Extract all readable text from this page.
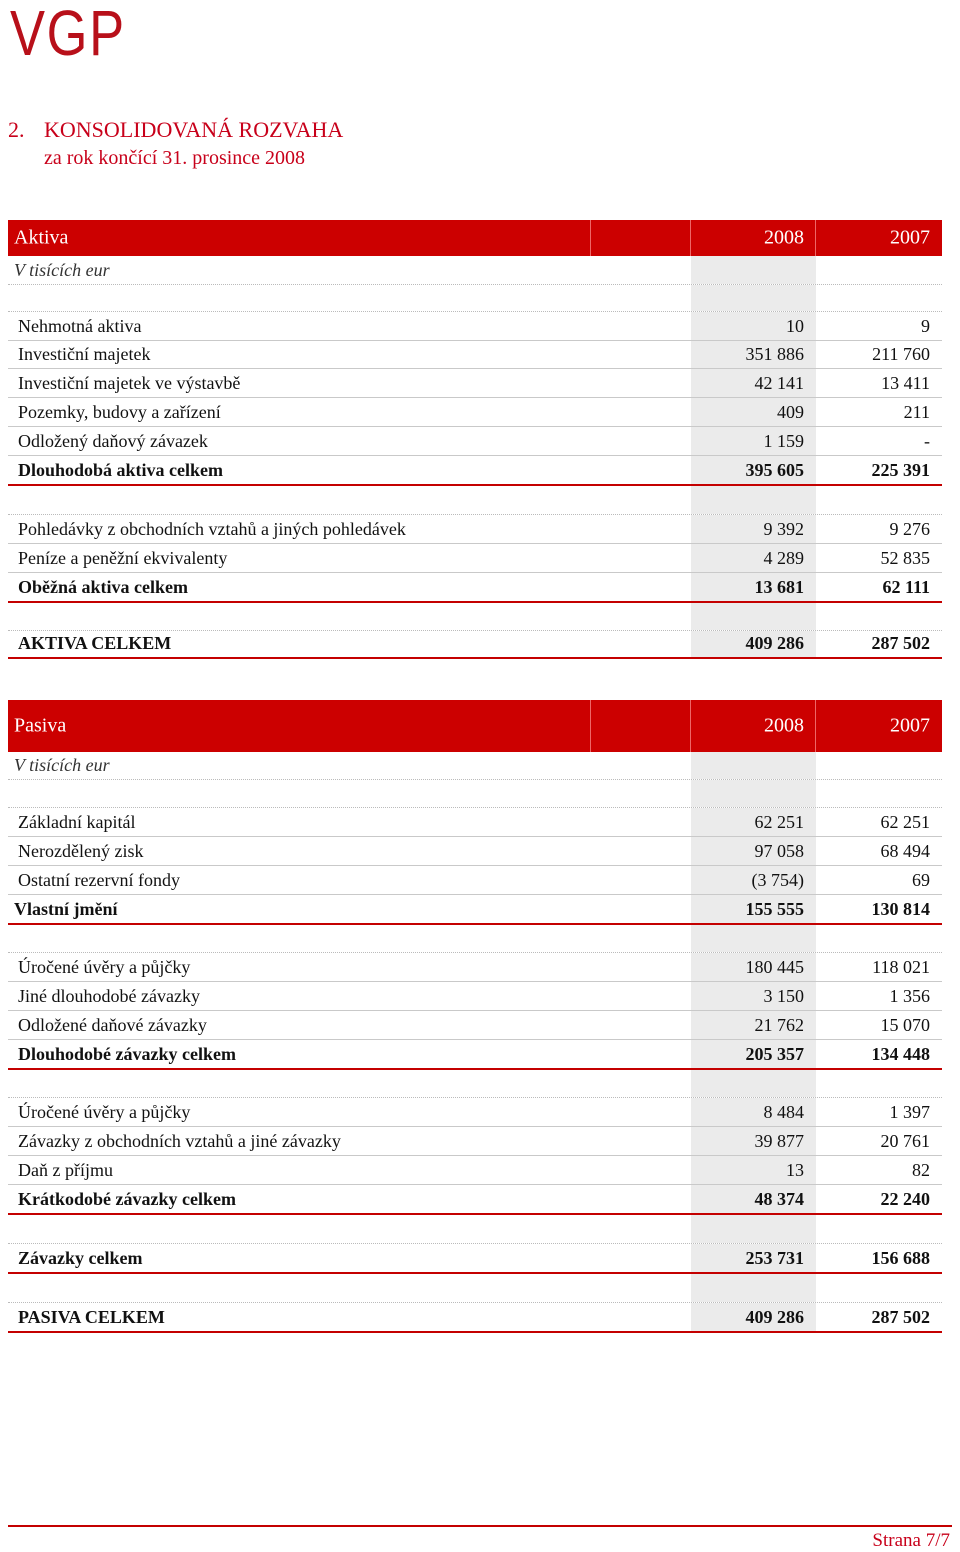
VGP
2. KONSOLIDOVANÁ ROZVAHA
za rok končící 31. prosince 2008
Aktiva	2008	2007
V tisících eur
Nehmotná aktiva	10	9
Investiční majetek	351 886	211 760
Investiční majetek ve výstavbě	42 141	13 411
Pozemky, budovy a zařízení	409	211
Odložený daňový závazek	1 159	-
Dlouhodobá aktiva celkem	395 605	225 391
Pohledávky z obchodních vztahů a jiných pohledávek	9 392	9 276
Peníze a peněžní ekvivalenty	4 289	52 835
Oběžná aktiva celkem	13 681	62 111
AKTIVA CELKEM	409 286	287 502
Pasiva	2008	2007
V tisících eur
Základní kapitál	62 251	62 251
Nerozdělený zisk	97 058	68 494
Ostatní rezervní fondy	(3 754)	69
Vlastní jmění	155 555	130 814
Úročené úvěry a půjčky	180 445	118 021
Jiné dlouhodobé závazky	3 150	1 356
Odložené daňové závazky	21 762	15 070
Dlouhodobé závazky celkem	205 357	134 448
Úročené úvěry a půjčky	8 484	1 397
Závazky z obchodních vztahů a jiné závazky	39 877	20 761
Daň z příjmu	13	82
Krátkodobé závazky celkem	48 374	22 240
Závazky celkem	253 731	156 688
PASIVA CELKEM	409 286	287 502
Strana 7/7
